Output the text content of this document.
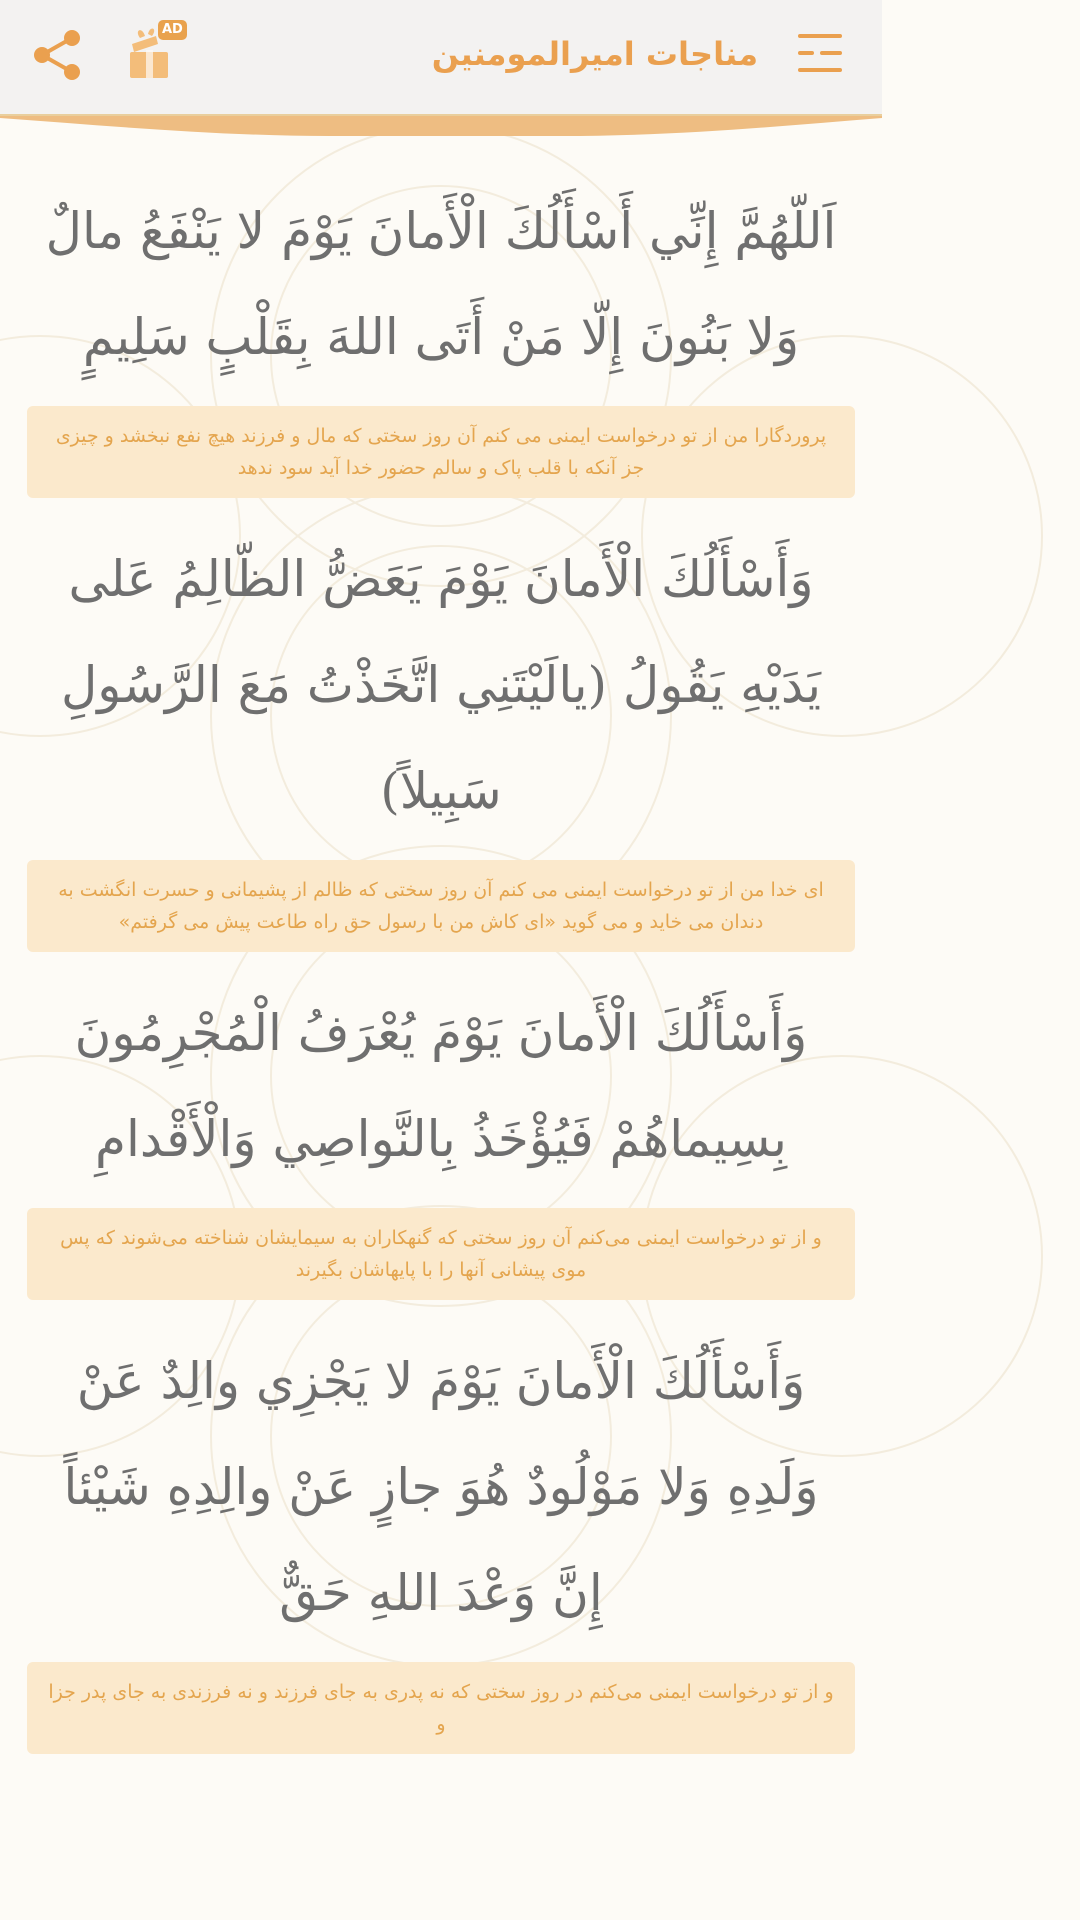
AD
مناجات امیرالمومنین
اَللّهُمَّ إِنِّي أَسْأَلُكَ الْأَمانَ يَوْمَ لا يَنْفَعُ مالٌ وَلا بَنُونَ إِلّا مَنْ أَتَى اللهَ بِقَلْبٍ سَلِيمٍ
پروردگارا من از تو درخواست ایمنی می کنم آن روز سختی که مال و فرزند هیچ نفع نبخشد و چیزی جز آنکه با قلب پاک و سالم حضور خدا آید سود ندهد
وَأَسْأَلُكَ الْأَمانَ يَوْمَ يَعَضُّ الظّالِمُ عَلى يَدَيْهِ يَقُولُ (يالَيْتَنِي اتَّخَذْتُ مَعَ الرَّسُولِ سَبِيلاً)
ای خدا من از تو درخواست ایمنی می کنم آن روز سختی که ظالم از پشیمانی و حسرت انگشت به دندان می خاید و می گوید «ای کاش من با رسول حق راه طاعت پیش می گرفتم»
وَأَسْأَلُكَ الْأَمانَ يَوْمَ يُعْرَفُ الْمُجْرِمُونَ بِسِيماهُمْ فَيُؤْخَذُ بِالنَّواصِي وَالْأَقْدامِ
و از تو درخواست ایمنی می‌کنم آن روز سختی که گنهکاران به سیمایشان شناخته می‌شوند که پس موی پیشانی آنها را با پایهاشان بگیرند
وَأَسْأَلُكَ الْأَمانَ يَوْمَ لا يَجْزِي والِدٌ عَنْ وَلَدِهِ وَلا مَوْلُودٌ هُوَ جازٍ عَنْ والِدِهِ شَيْئاً إِنَّ وَعْدَ اللهِ حَقٌّ
و از تو درخواست ایمنی می‌کنم در روز سختی که نه پدری به جای فرزند و نه فرزندی به جای پدر جزا و
